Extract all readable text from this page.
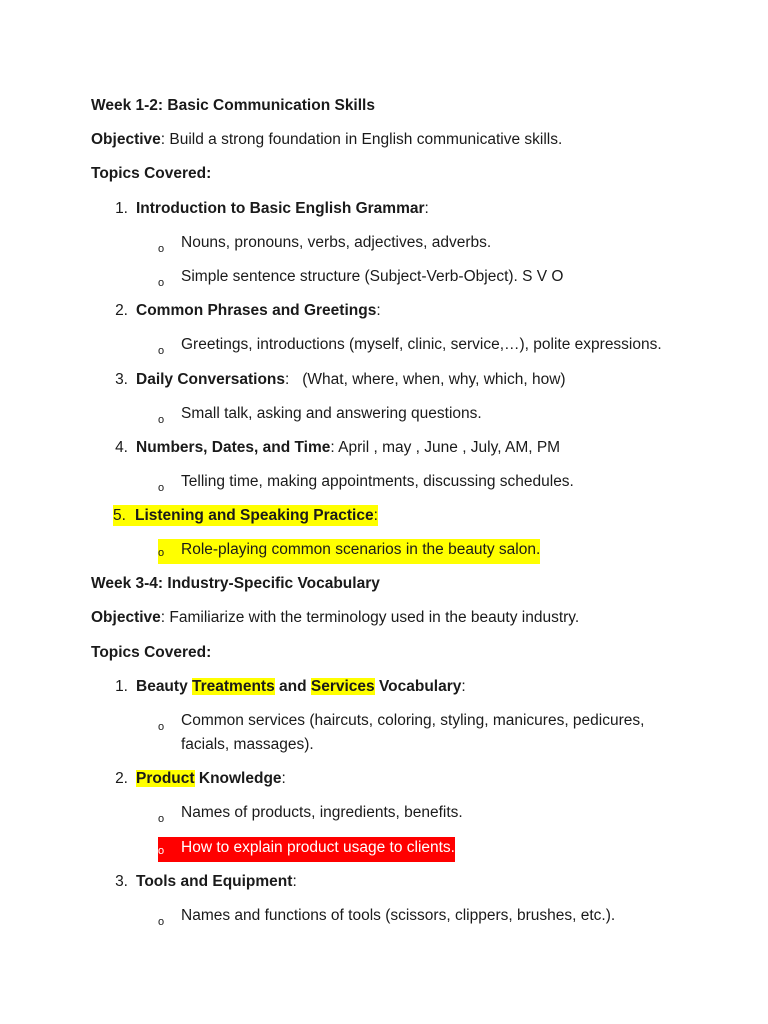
Week 1-2: Basic Communication Skills
Objective: Build a strong foundation in English communicative skills.
Topics Covered:
1. Introduction to Basic English Grammar:
o Nouns, pronouns, verbs, adjectives, adverbs.
o Simple sentence structure (Subject-Verb-Object). S V O
2. Common Phrases and Greetings:
o Greetings, introductions (myself, clinic, service,…), polite expressions.
3. Daily Conversations:   (What, where, when, why, which, how)
o Small talk, asking and answering questions.
4. Numbers, Dates, and Time: April , may , June , July, AM, PM
o Telling time, making appointments, discussing schedules.
5. Listening and Speaking Practice:
o Role-playing common scenarios in the beauty salon.
Week 3-4: Industry-Specific Vocabulary
Objective: Familiarize with the terminology used in the beauty industry.
Topics Covered:
1. Beauty Treatments and Services Vocabulary:
o Common services (haircuts, coloring, styling, manicures, pedicures,
facials, massages).
2. Product Knowledge:
o Names of products, ingredients, benefits.
o How to explain product usage to clients.
3. Tools and Equipment:
o Names and functions of tools (scissors, clippers, brushes, etc.).
